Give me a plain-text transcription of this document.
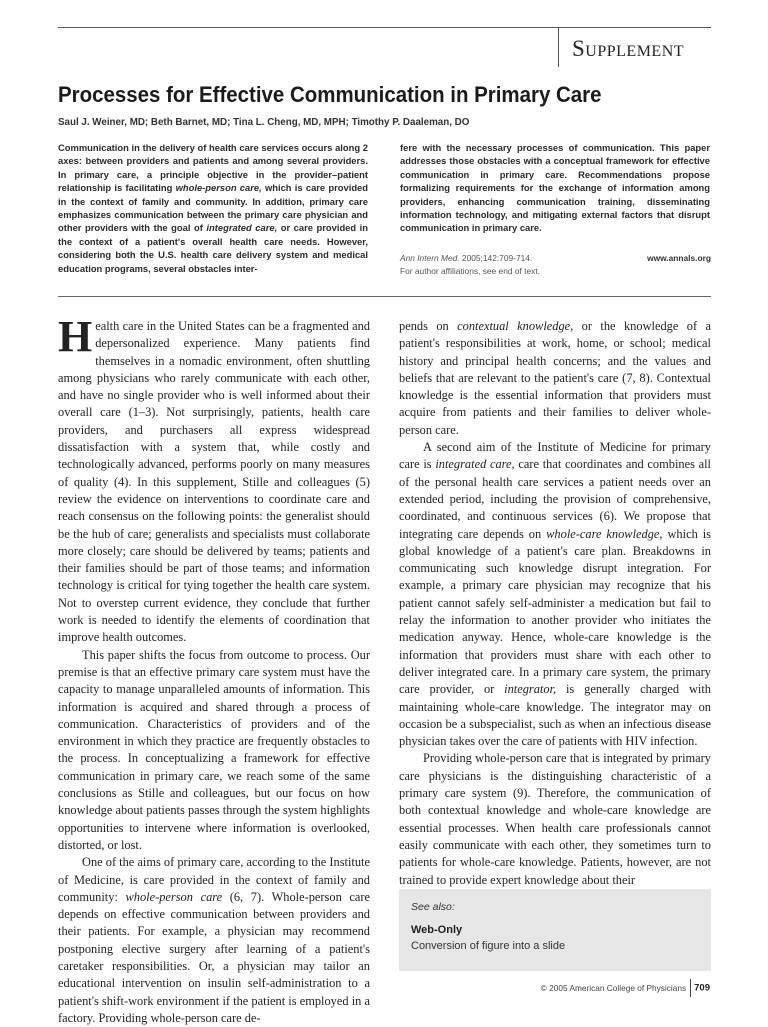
Supplement
Processes for Effective Communication in Primary Care
Saul J. Weiner, MD; Beth Barnet, MD; Tina L. Cheng, MD, MPH; Timothy P. Daaleman, DO
Communication in the delivery of health care services occurs along 2 axes: between providers and patients and among several providers. In primary care, a principle objective in the provider–patient relationship is facilitating whole-person care, which is care provided in the context of family and community. In addition, primary care emphasizes communication between the primary care physician and other providers with the goal of integrated care, or care provided in the context of a patient's overall health care needs. However, considering both the U.S. health care delivery system and medical education programs, several obstacles inter-
fere with the necessary processes of communication. This paper addresses those obstacles with a conceptual framework for effective communication in primary care. Recommendations propose formalizing requirements for the exchange of information among providers, enhancing communication training, disseminating information technology, and mitigating external factors that disrupt communication in primary care.
Ann Intern Med. 2005;142:709-714.	www.annals.org
For author affiliations, see end of text.

Health care in the United States can be a fragmented and depersonalized experience. Many patients find themselves in a nomadic environment, often shuttling among physicians who rarely communicate with each other, and have no single provider who is well informed about their overall care (1–3). Not surprisingly, patients, health care providers, and purchasers all express widespread dissatisfaction with a system that, while costly and technologically advanced, performs poorly on many measures of quality (4). In this supplement, Stille and colleagues (5) review the evidence on interventions to coordinate care and reach consensus on the following points: the generalist should be the hub of care; generalists and specialists must collaborate more closely; care should be delivered by teams; patients and their families should be part of those teams; and information technology is critical for tying together the health care system. Not to overstep current evidence, they conclude that further work is needed to identify the elements of coordination that improve health outcomes.

This paper shifts the focus from outcome to process. Our premise is that an effective primary care system must have the capacity to manage unparalleled amounts of information. This information is acquired and shared through a process of communication. Characteristics of providers and of the environment in which they practice are frequently obstacles to the process. In conceptualizing a framework for effective communication in primary care, we reach some of the same conclusions as Stille and colleagues, but our focus on how knowledge about patients passes through the system highlights opportunities to intervene where information is overlooked, distorted, or lost.

One of the aims of primary care, according to the Institute of Medicine, is care provided in the context of family and community: whole-person care (6, 7). Whole-person care depends on effective communication between providers and their patients. For example, a physician may recommend postponing elective surgery after learning of a patient's caretaker responsibilities. Or, a physician may tailor an educational intervention on insulin self-administration to a patient's shift-work environment if the patient is employed in a factory. Providing whole-person care de-

pends on contextual knowledge, or the knowledge of a patient's responsibilities at work, home, or school; medical history and principal health concerns; and the values and beliefs that are relevant to the patient's care (7, 8). Contextual knowledge is the essential information that providers must acquire from patients and their families to deliver whole-person care.

A second aim of the Institute of Medicine for primary care is integrated care, care that coordinates and combines all of the personal health care services a patient needs over an extended period, including the provision of comprehensive, coordinated, and continuous services (6). We propose that integrating care depends on whole-care knowledge, which is global knowledge of a patient's care plan. Breakdowns in communicating such knowledge disrupt integration. For example, a primary care physician may recognize that his patient cannot safely self-administer a medication but fail to relay the information to another provider who initiates the medication anyway. Hence, whole-care knowledge is the information that providers must share with each other to deliver integrated care. In a primary care system, the primary care provider, or integrator, is generally charged with maintaining whole-care knowledge. The integrator may on occasion be a subspecialist, such as when an infectious disease physician takes over the care of patients with HIV infection.

Providing whole-person care that is integrated by primary care physicians is the distinguishing characteristic of a primary care system (9). Therefore, the communication of both contextual knowledge and whole-care knowledge are essential processes. When health care professionals cannot easily communicate with each other, they sometimes turn to patients for whole-care knowledge. Patients, however, are not trained to provide expert knowledge about their

See also:
Web-Only
Conversion of figure into a slide
© 2005 American College of Physicians 709
